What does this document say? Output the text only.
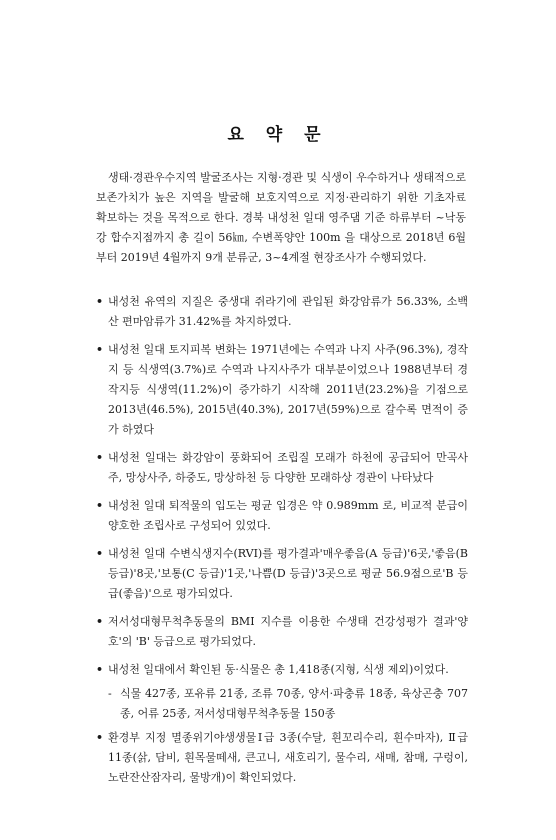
요 약 문

생태·경관우수지역 발굴조사는 지형·경관 및 식생이 우수하거나 생태적으로 보존가치가 높은 지역을 발굴해 보호지역으로 지정·관리하기 위한 기초자료 확보하는 것을 목적으로 한다. 경북 내성천 일대 영주댐 기준 하류부터 ~낙동강 합수지점까지 총 길이 56㎞, 수변폭양안 100m 을 대상으로 2018년 6월부터 2019년 4월까지 9개 분류군, 3~4계절 현장조사가 수행되었다.

• 내성천 유역의 지질은 중생대 쥐라기에 관입된 화강암류가 56.33%, 소백산 편마암류가 31.42%를 차지하였다.
• 내성천 일대 토지피복 변화는 1971년에는 수역과 나지 사주(96.3%), 경작지 등 식생역(3.7%)로 수역과 나지사주가 대부분이었으나 1988년부터 경작지등 식생역(11.2%)이 증가하기 시작해 2011년(23.2%)을 기점으로 2013년(46.5%), 2015년(40.3%), 2017년(59%)으로 갈수록 면적이 증가 하였다
• 내성천 일대는 화강암이 풍화되어 조립질 모래가 하천에 공급되어 만곡사주, 망상사주, 하중도, 망상하천 등 다양한 모래하상 경관이 나타났다
• 내성천 일대 퇴적물의 입도는 평균 입경은 약 0.989mm 로, 비교적 분급이 양호한 조립사로 구성되어 있었다.
• 내성천 일대 수변식생지수(RVI)를 평가결과'매우좋음(A 등급)'6곳,'좋음(B 등급)'8곳,'보통(C 등급)'1곳,'나쁨(D 등급)'3곳으로 평균 56.9점으로'B 등급(좋음)'으로 평가되었다.
• 저서성대형무척추동물의 BMI 지수를 이용한 수생태 건강성평가 결과'양호'의 'B' 등급으로 평가되었다.
• 내성천 일대에서 확인된 동·식물은 총 1,418종(지형, 식생 제외)이었다.
- 식물 427종, 포유류 21종, 조류 70종, 양서·파충류 18종, 육상곤충 707종, 어류 25종, 저서성대형무척추동물 150종
• 환경부 지정 멸종위기야생생물Ⅰ급 3종(수달, 흰꼬리수리, 흰수마자), Ⅱ급 11종(삵, 담비, 흰목물떼새, 큰고니, 새호리기, 물수리, 새매, 참매, 구렁이, 노란잔산잠자리, 물방개)이 확인되었다.
